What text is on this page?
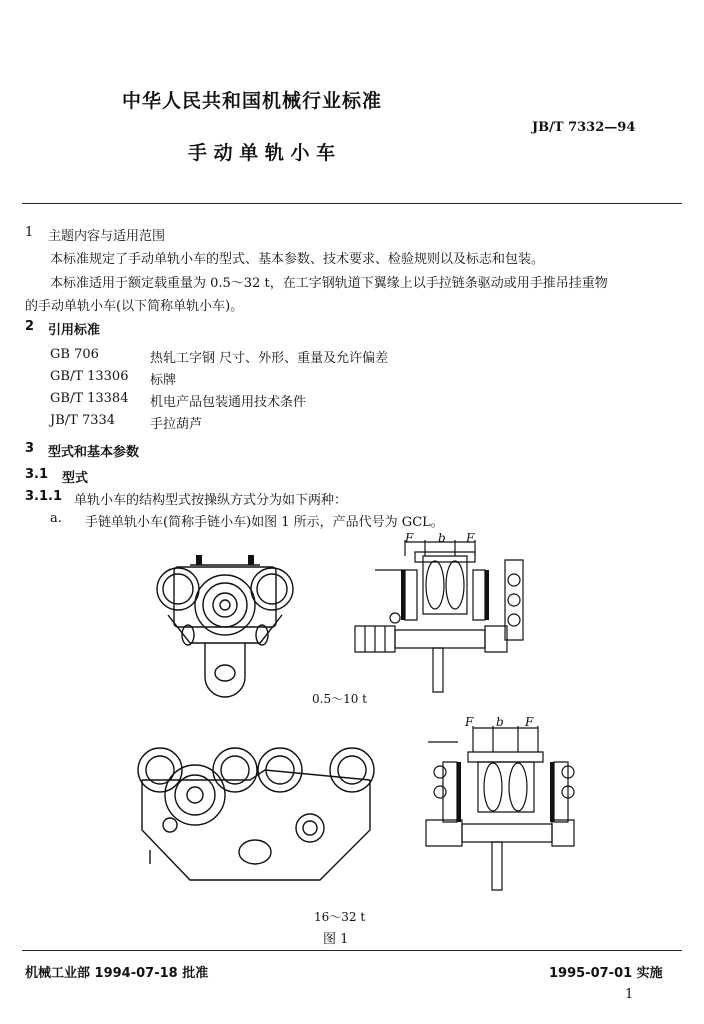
中华人民共和国机械行业标准
JB/T 7332—94
手 动 单 轨 小 车
1 主题内容与适用范围
本标准规定了手动单轨小车的型式、基本参数、技术要求、检验规则以及标志和包装。
本标准适用于额定载重量为 0.5～32 t，在工字钢轨道下翼缘上以手拉链条驱动或用手推吊挂重物
的手动单轨小车(以下简称单轨小车)。
2 引用标准
GB 706	热轧工字钢 尺寸、外形、重量及允许偏差
GB/T 13306 标牌
GB/T 13384 机电产品包装通用技术条件
JB/T 7334	手拉葫芦
3 型式和基本参数
3.1 型式
3.1.1 单轨小车的结构型式按操纵方式分为如下两种：
a. 手链单轨小车(简称手链小车)如图 1 所示，产品代号为 GCL。
F b F
0.5～10 t
F b F
16～32 t
图 1
机械工业部 1994-07-18 批准	1995-07-01 实施
1
